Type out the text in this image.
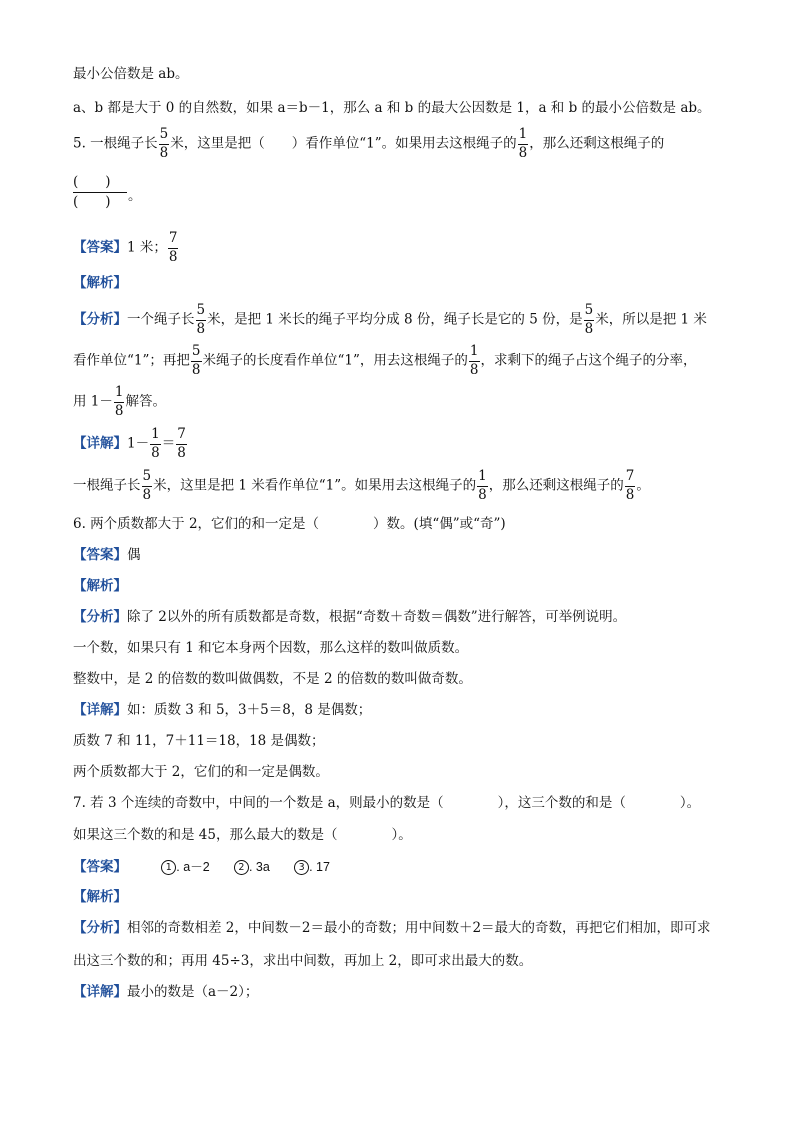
最小公倍数是 ab。
a、b 都是大于 0 的自然数，如果 a＝b－1，那么 a 和 b 的最大公因数是 1，a 和 b 的最小公倍数是 ab。
5. 一根绳子长 $\frac{5}{8}$ 米，这里是把（　　）看作单位“1”。如果用去这根绳子的 $\frac{1}{8}$ ，那么还剩这根绳子的
(　　)
(　　) 。
【答案】1 米； $\frac{7}{8}$
【解析】
【分析】一个绳子长 $\frac{5}{8}$ 米，是把 1 米长的绳子平均分成 8 份，绳子长是它的 5 份，是 $\frac{5}{8}$ 米，所以是把 1 米
看作单位“1”；再把 $\frac{5}{8}$ 米绳子的长度看作单位“1”，用去这根绳子的 $\frac{1}{8}$ ，求剩下的绳子占这个绳子的分率，
用 $1- \frac{1}{8}$ 解答。
【详解】$1- \frac{1}{8} = \frac{7}{8}$
一根绳子长 $\frac{5}{8}$ 米，这里是把 1 米看作单位“1”。如果用去这根绳子的 $\frac{1}{8}$ ，那么还剩这根绳子的 $\frac{7}{8}$ 。
6. 两个质数都大于 2，它们的和一定是（　　　　）数。(填“偶”或“奇”)
【答案】偶
【解析】
【分析】除了 2以外的所有质数都是奇数，根据“奇数＋奇数＝偶数”进行解答，可举例说明。
一个数，如果只有 1 和它本身两个因数，那么这样的数叫做质数。
整数中，是 2 的倍数的数叫做偶数，不是 2 的倍数的数叫做奇数。
【详解】如：质数 3 和 5，3＋5＝8，8 是偶数；
质数 7 和 11，7＋11＝18，18 是偶数；
两个质数都大于 2，它们的和一定是偶数。
7. 若 3 个连续的奇数中，中间的一个数是 a，则最小的数是（　　　　），这三个数的和是（　　　　）。
如果这三个数的和是 45，那么最大的数是（　　　　）。
【答案】	1 . a－2	2 . 3a	3 . 17
【解析】
【分析】相邻的奇数相差 2，中间数－2＝最小的奇数；用中间数＋2＝最大的奇数，再把它们相加，即可求
出这三个数的和；再用 45÷3，求出中间数，再加上 2，即可求出最大的数。
【详解】最小的数是（a－2）；
